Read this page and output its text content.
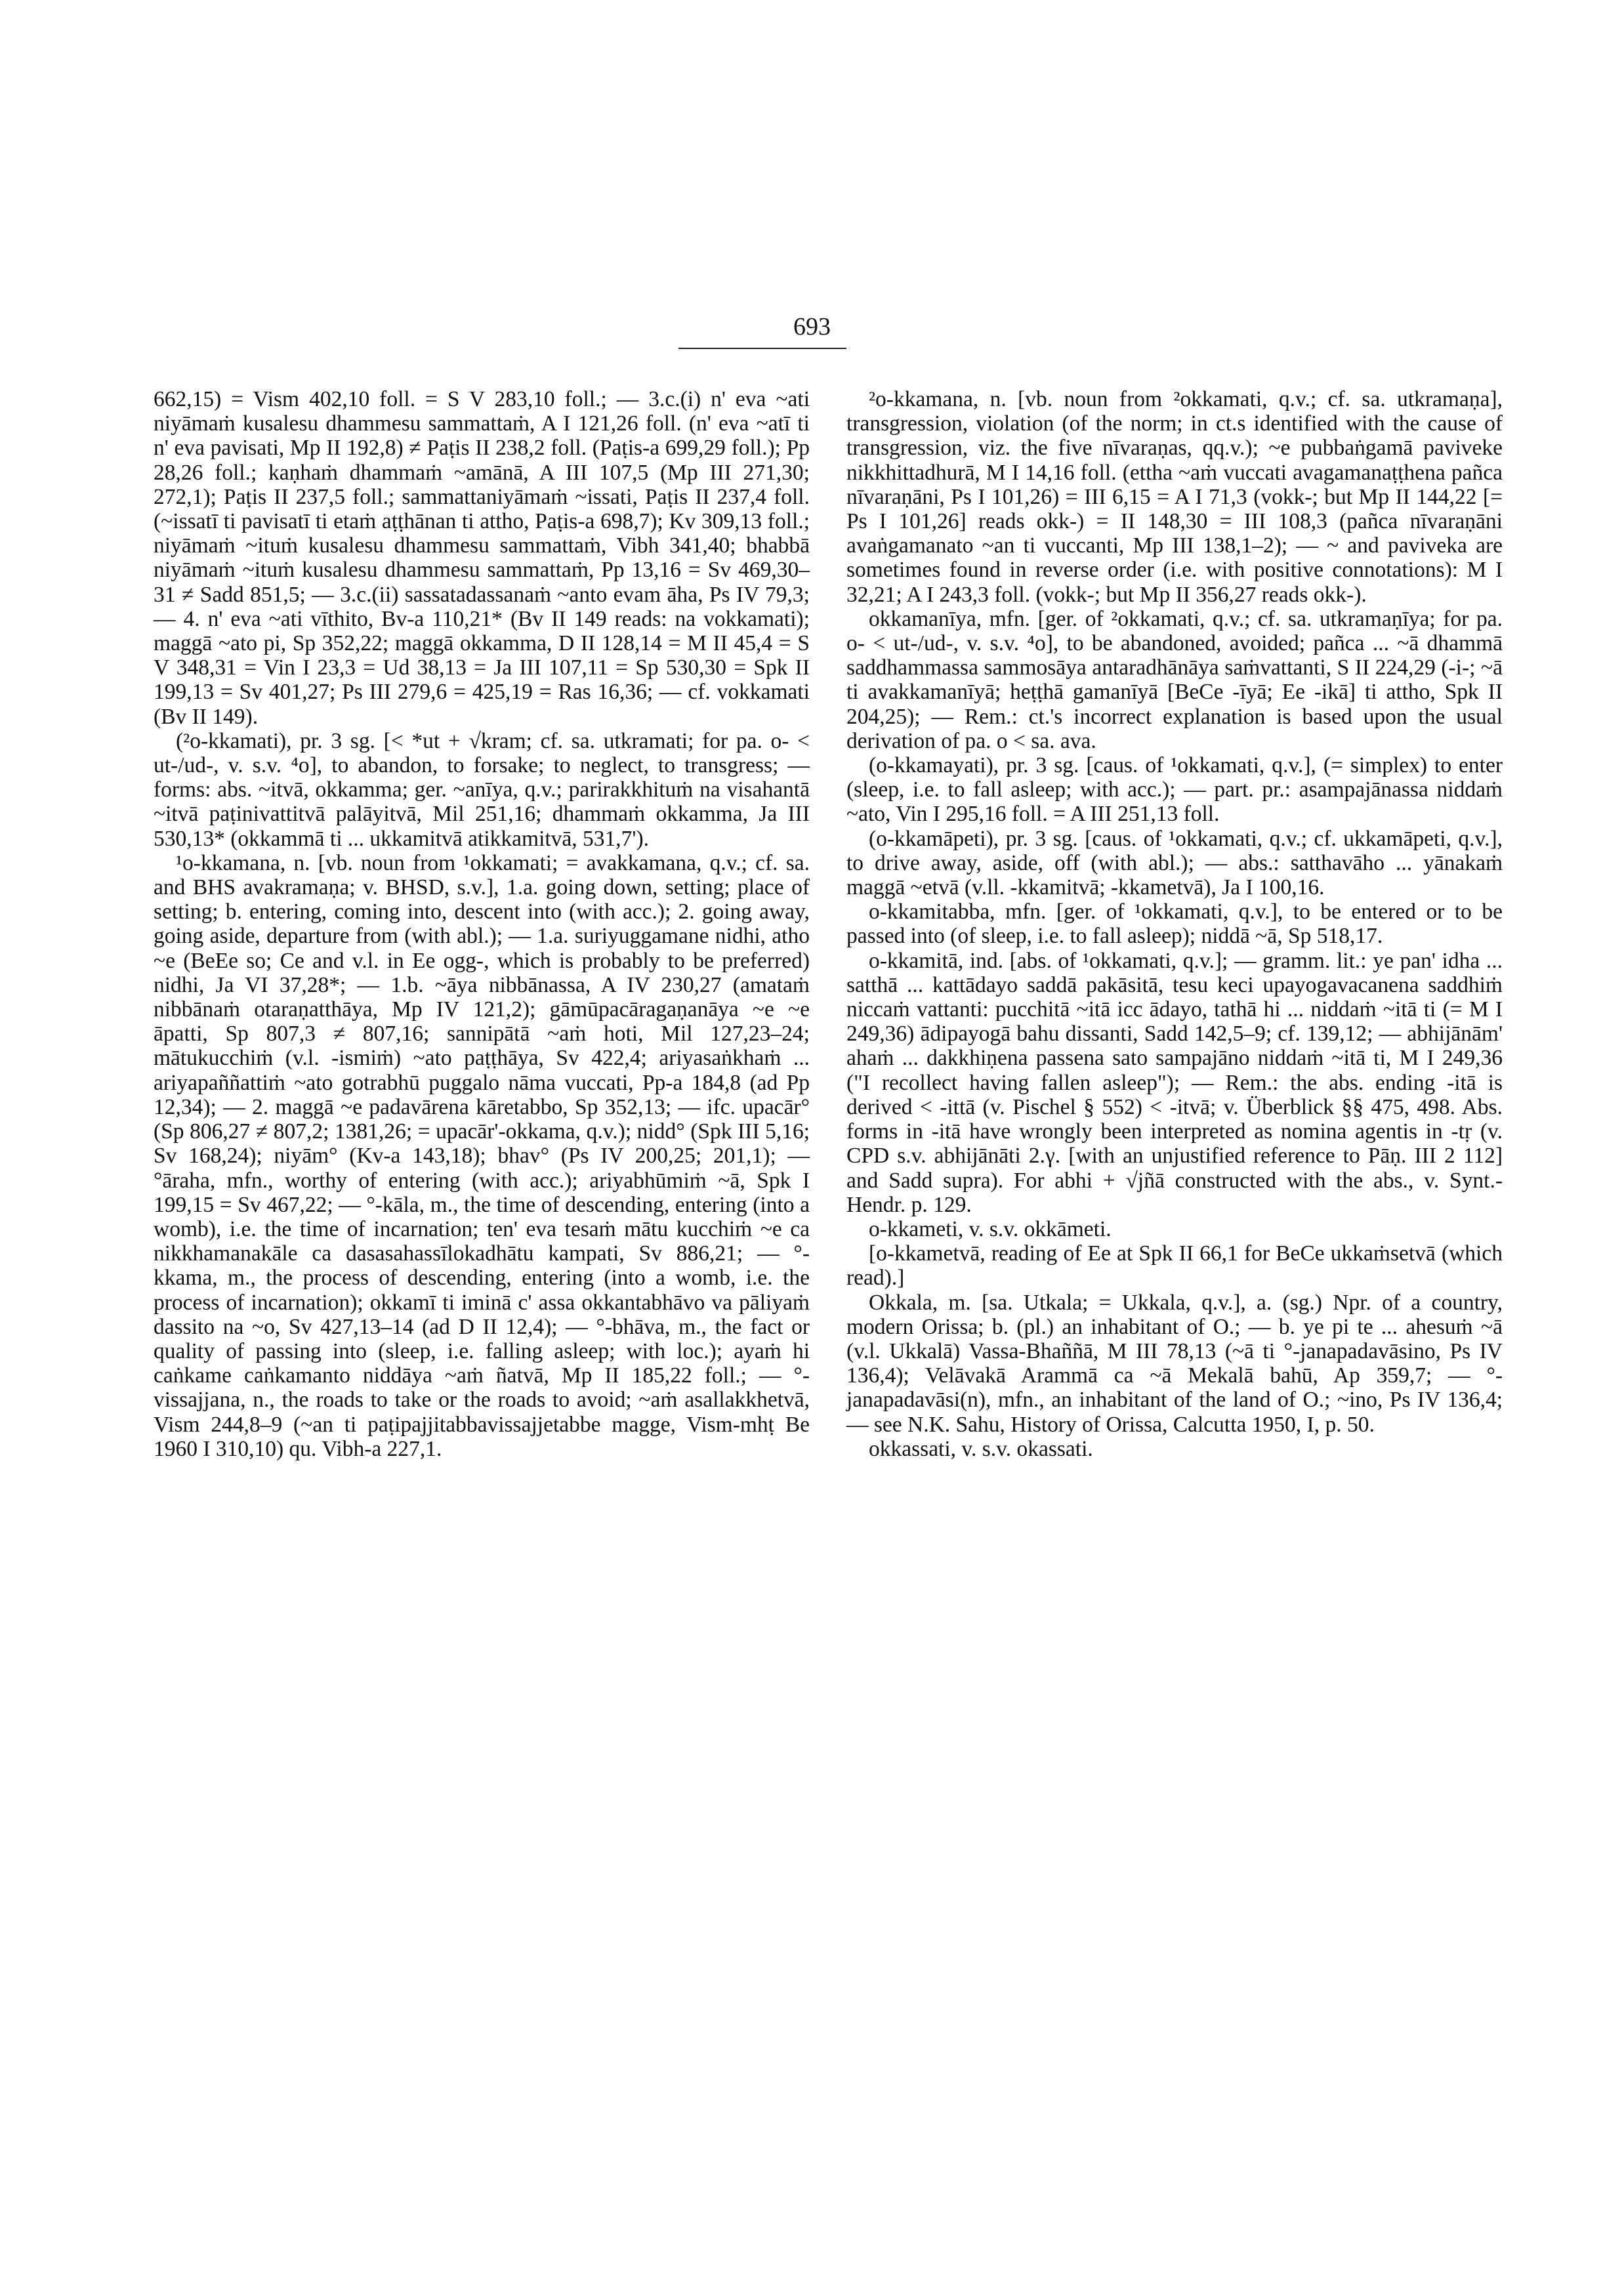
693

662,15) = Vism 402,10 foll. = S V 283,10 foll.; — 3.c.(i) n' eva ~ati niyāmaṁ kusalesu dhammesu sammattaṁ, A I 121,26 foll. (n' eva ~atī ti n' eva pavisati, Mp II 192,8) ≠ Paṭis II 238,2 foll. (Paṭis-a 699,29 foll.); Pp 28,26 foll.; kaṇhaṁ dhammaṁ ~amānā, A III 107,5 (Mp III 271,30; 272,1); Paṭis II 237,5 foll.; sammattaniyāmaṁ ~issati, Paṭis II 237,4 foll. (~issatī ti pavisatī ti etaṁ aṭṭhānan ti attho, Paṭis-a 698,7); Kv 309,13 foll.; niyāmaṁ ~ituṁ kusalesu dhammesu sammattaṁ, Vibh 341,40; bhabbā niyāmaṁ ~ituṁ kusalesu dhammesu sammattaṁ, Pp 13,16 = Sv 469,30–31 ≠ Sadd 851,5; — 3.c.(ii) sassatadassanaṁ ~anto evam āha, Ps IV 79,3; — 4. n' eva ~ati vīthito, Bv-a 110,21* (Bv II 149 reads: na vokkamati); maggā ~ato pi, Sp 352,22; maggā okkamma, D II 128,14 = M II 45,4 = S V 348,31 = Vin I 23,3 = Ud 38,13 = Ja III 107,11 = Sp 530,30 = Spk II 199,13 = Sv 401,27; Ps III 279,6 = 425,19 = Ras 16,36; — cf. vokkamati (Bv II 149).

(²o-kkamati), pr. 3 sg. [< *ut + √kram; cf. sa. utkramati; for pa. o- < ut-/ud-, v. s.v. ⁴o], to abandon, to forsake; to neglect, to transgress; — forms: abs. ~itvā, okkamma; ger. ~anīya, q.v.; parirakkhituṁ na visahantā ~itvā paṭinivattitvā palāyitvā, Mil 251,16; dhammaṁ okkamma, Ja III 530,13* (okkammā ti ... ukkamitvā atikkamitvā, 531,7').

¹o-kkamana, n. [vb. noun from ¹okkamati; = avakkamana, q.v.; cf. sa. and BHS avakramaṇa; v. BHSD, s.v.], 1.a. going down, setting; place of setting; b. entering, coming into, descent into (with acc.); 2. going away, going aside, departure from (with abl.); — 1.a. suriyuggamane nidhi, atho ~e (BeEe so; Ce and v.l. in Ee ogg-, which is probably to be preferred) nidhi, Ja VI 37,28*; — 1.b. ~āya nibbānassa, A IV 230,27 (amataṁ nibbānaṁ otaraṇatthāya, Mp IV 121,2); gāmūpacāragaṇanāya ~e ~e āpatti, Sp 807,3 ≠ 807,16; sannipātā ~aṁ hoti, Mil 127,23–24; mātukucchiṁ (v.l. -ismiṁ) ~ato paṭṭhāya, Sv 422,4; ariyasaṅkhaṁ ... ariyapaññattiṁ ~ato gotrabhū puggalo nāma vuccati, Pp-a 184,8 (ad Pp 12,34); — 2. maggā ~e padavārena kāretabbo, Sp 352,13; — ifc. upacār° (Sp 806,27 ≠ 807,2; 1381,26; = upacār'-okkama, q.v.); nidd° (Spk III 5,16; Sv 168,24); niyām° (Kv-a 143,18); bhav° (Ps IV 200,25; 201,1); — °āraha, mfn., worthy of entering (with acc.); ariyabhūmiṁ ~ā, Spk I 199,15 = Sv 467,22; — °-kāla, m., the time of descending, entering (into a womb), i.e. the time of incarnation; ten' eva tesaṁ mātu kucchiṁ ~e ca nikkhamanakāle ca dasasahassīlokadhātu kampati, Sv 886,21; — °-kkama, m., the process of descending, entering (into a womb, i.e. the process of incarnation); okkamī ti iminā c' assa okkantabhāvo va pāliyaṁ dassito na ~o, Sv 427,13–14 (ad D II 12,4); — °-bhāva, m., the fact or quality of passing into (sleep, i.e. falling asleep; with loc.); ayaṁ hi caṅkame caṅkamanto niddāya ~aṁ ñatvā, Mp II 185,22 foll.; — °-vissajjana, n., the roads to take or the roads to avoid; ~aṁ asallakkhetvā, Vism 244,8–9 (~an ti paṭipajjitabbavissajjetabbe magge, Vism-mhṭ Be 1960 I 310,10) qu. Vibh-a 227,1.

²o-kkamana, n. [vb. noun from ²okkamati, q.v.; cf. sa. utkramaṇa], transgression, violation (of the norm; in ct.s identified with the cause of transgression, viz. the five nīvaraṇas, qq.v.); ~e pubbaṅgamā paviveke nikkhittadhurā, M I 14,16 foll. (ettha ~aṁ vuccati avagamanaṭṭhena pañca nīvaraṇāni, Ps I 101,26) = III 6,15 = A I 71,3 (vokk-; but Mp II 144,22 [= Ps I 101,26] reads okk-) = II 148,30 = III 108,3 (pañca nīvaraṇāni avaṅgamanato ~an ti vuccanti, Mp III 138,1–2); — ~ and paviveka are sometimes found in reverse order (i.e. with positive connotations): M I 32,21; A I 243,3 foll. (vokk-; but Mp II 356,27 reads okk-).

okkamanīya, mfn. [ger. of ²okkamati, q.v.; cf. sa. utkramaṇīya; for pa. o- < ut-/ud-, v. s.v. ⁴o], to be abandoned, avoided; pañca ... ~ā dhammā saddhammassa sammosāya antaradhānāya saṁvattanti, S II 224,29 (-i-; ~ā ti avakkamanīyā; heṭṭhā gamanīyā [BeCe -īyā; Ee -ikā] ti attho, Spk II 204,25); — Rem.: ct.'s incorrect explanation is based upon the usual derivation of pa. o < sa. ava.

(o-kkamayati), pr. 3 sg. [caus. of ¹okkamati, q.v.], (= simplex) to enter (sleep, i.e. to fall asleep; with acc.); — part. pr.: asampajānassa niddaṁ ~ato, Vin I 295,16 foll. = A III 251,13 foll.

(o-kkamāpeti), pr. 3 sg. [caus. of ¹okkamati, q.v.; cf. ukkamāpeti, q.v.], to drive away, aside, off (with abl.); — abs.: satthavāho ... yānakaṁ maggā ~etvā (v.ll. -kkamitvā; -kkametvā), Ja I 100,16.

o-kkamitabba, mfn. [ger. of ¹okkamati, q.v.], to be entered or to be passed into (of sleep, i.e. to fall asleep); niddā ~ā, Sp 518,17.

o-kkamitā, ind. [abs. of ¹okkamati, q.v.]; — gramm. lit.: ye pan' idha ... satthā ... kattādayo saddā pakāsitā, tesu keci upayogavacanena saddhiṁ niccaṁ vattanti: pucchitā ~itā icc ādayo, tathā hi ... niddaṁ ~itā ti (= M I 249,36) ādipayogā bahu dissanti, Sadd 142,5–9; cf. 139,12; — abhijānām' ahaṁ ... dakkhiṇena passena sato sampajāno niddaṁ ~itā ti, M I 249,36 ("I recollect having fallen asleep"); — Rem.: the abs. ending -itā is derived < -ittā (v. Pischel § 552) < -itvā; v. Überblick §§ 475, 498. Abs. forms in -itā have wrongly been interpreted as nomina agentis in -tṛ (v. CPD s.v. abhijānāti 2.γ. [with an unjustified reference to Pāṇ. III 2 112] and Sadd supra). For abhi + √jñā constructed with the abs., v. Synt.-Hendr. p. 129.

o-kkameti, v. s.v. okkāmeti.

[o-kkametvā, reading of Ee at Spk II 66,1 for BeCe ukkaṁsetvā (which read).]

Okkala, m. [sa. Utkala; = Ukkala, q.v.], a. (sg.) Npr. of a country, modern Orissa; b. (pl.) an inhabitant of O.; — b. ye pi te ... ahesuṁ ~ā (v.l. Ukkalā) Vassa-Bhaññā, M III 78,13 (~ā ti °-janapadavāsino, Ps IV 136,4); Velāvakā Arammā ca ~ā Mekalā bahū, Ap 359,7; — °-janapadavāsi(n), mfn., an inhabitant of the land of O.; ~ino, Ps IV 136,4; — see N.K. Sahu, History of Orissa, Calcutta 1950, I, p. 50.

okkassati, v. s.v. okassati.
